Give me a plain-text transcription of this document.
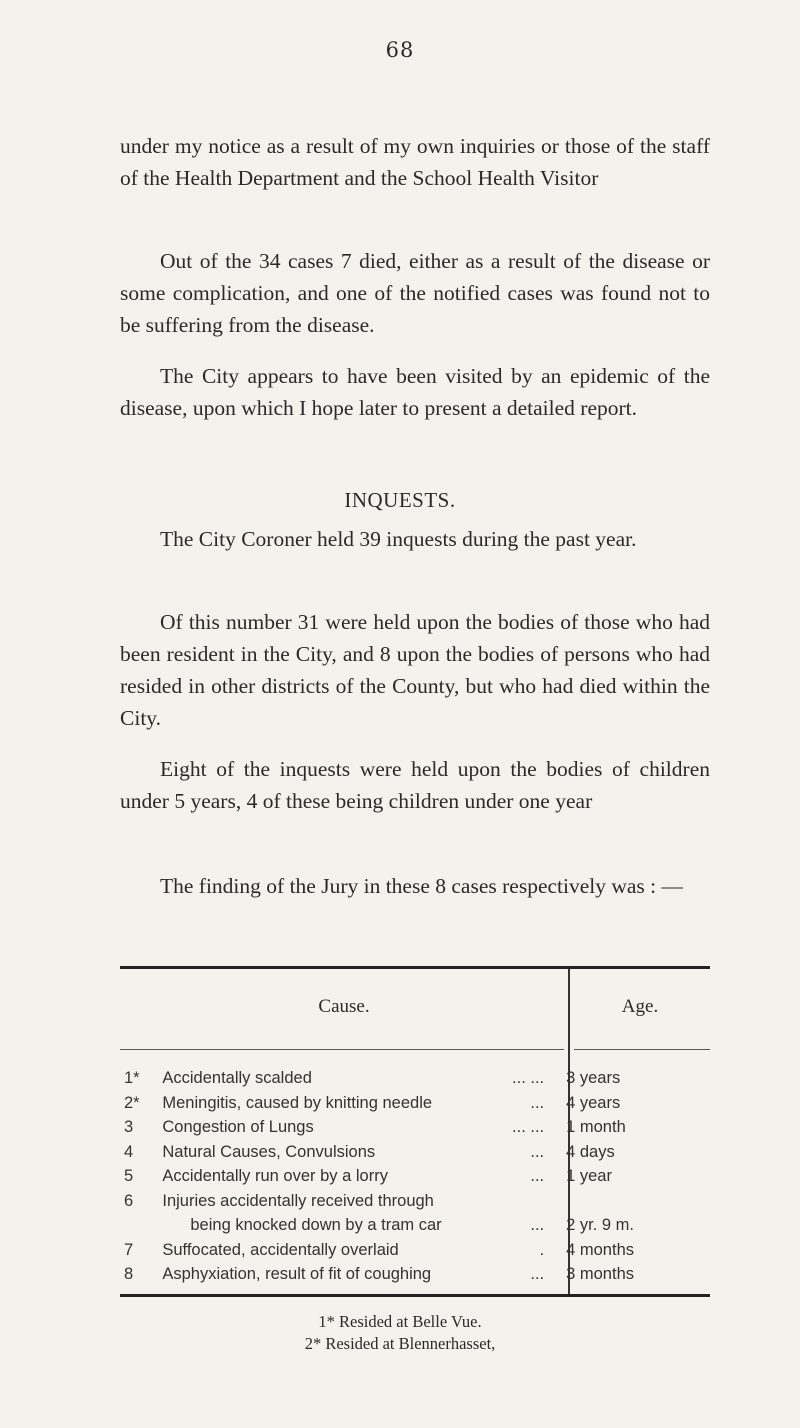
68
under my notice as a result of my own inquiries or those of the staff of the Health Department and the School Health Visitor
Out of the 34 cases 7 died, either as a result of the disease or some complication, and one of the notified cases was found not to be suffering from the disease.
The City appears to have been visited by an epidemic of the disease, upon which I hope later to present a detailed report.
INQUESTS.
The City Coroner held 39 inquests during the past year.
Of this number 31 were held upon the bodies of those who had been resident in the City, and 8 upon the bodies of persons who had resided in other districts of the County, but who had died within the City.
Eight of the inquests were held upon the bodies of children under 5 years, 4 of these being children under one year
The finding of the Jury in these 8 cases respectively was : —
Cause.	Age.
1*	Accidentally scalded	... ...	3 years
2*	Meningitis, caused by knitting needle	...	4 years
3	Congestion of Lungs	... ...	1 month
4	Natural Causes, Convulsions	...	4 days
5	Accidentally run over by a lorry	...	1 year
6	Injuries accidentally received through
being knocked down by a tram car	...	2 yr. 9 m.
7	Suffocated, accidentally overlaid	.	4 months
8	Asphyxiation, result of fit of coughing	...	3 months
1* Resided at Belle Vue.
2* Resided at Blennerhasset,
